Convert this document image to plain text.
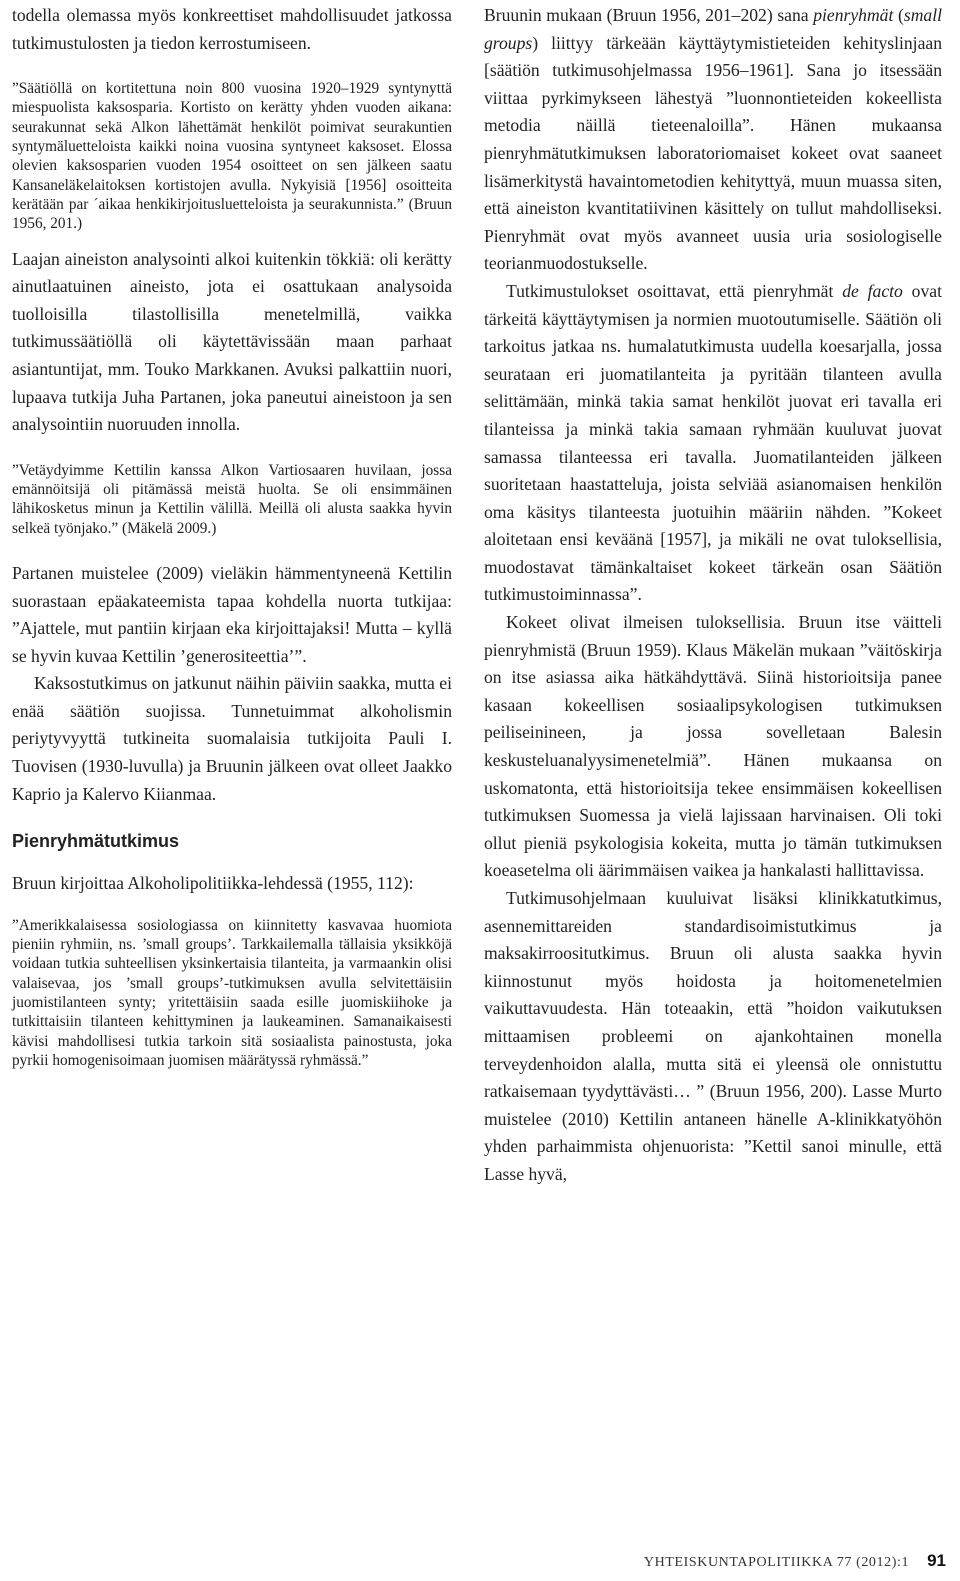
todella olemassa myös konkreettiset mahdollisuudet jatkossa tutkimustulosten ja tiedon kerrostumiseen.

”Säätiöllä on kortitettuna noin 800 vuosina 1920–1929 syntynyttä miespuolista kaksosparia. Kortisto on kerätty yhden vuoden aikana: seurakunnat sekä Alkon lähettämät henkilöt poimivat seurakuntien syntymäluetteloista kaikki noina vuosina syntyneet kaksoset. Elossa olevien kaksosparien vuoden 1954 osoitteet on sen jälkeen saatu Kansaneläkelaitoksen kortistojen avulla. Nykyisiä [1956] osoitteita kerätään par ´aikaa henkikirjoitusluetteloista ja seurakunnista.” (Bruun 1956, 201.)

Laajan aineiston analysointi alkoi kuitenkin tökkiä: oli kerätty ainutlaatuinen aineisto, jota ei osattukaan analysoida tuolloisilla tilastollisilla menetelmillä, vaikka tutkimussäätiöllä oli käytettävissään maan parhaat asiantuntijat, mm. Touko Markkanen. Avuksi palkattiin nuori, lupaava tutkija Juha Partanen, joka paneutui aineistoon ja sen analysointiin nuoruuden innolla.

”Vetäydyimme Kettilin kanssa Alkon Vartiosaaren huvilaan, jossa emännöitsijä oli pitämässä meistä huolta. Se oli ensimmäinen lähikosketus minun ja Kettilin välillä. Meillä oli alusta saakka hyvin selkeä työnjako.” (Mäkelä 2009.)

Partanen muistelee (2009) vieläkin hämmentyneenä Kettilin suorastaan epäakateemista tapaa kohdella nuorta tutkijaa: ”Ajattele, mut pantiin kirjaan eka kirjoittajaksi! Mutta – kyllä se hyvin kuvaa Kettilin ’generositeettia’”.

Kaksostutkimus on jatkunut näihin päiviin saakka, mutta ei enää säätiön suojissa. Tunnetuimmat alkoholismin periytyvyyttä tutkineita suomalaisia tutkijoita Pauli I. Tuovisen (1930-luvulla) ja Bruunin jälkeen ovat olleet Jaakko Kaprio ja Kalervo Kiianmaa.

Pienryhmätutkimus

Bruun kirjoittaa Alkoholipolitiikka-lehdessä (1955, 112):

”Amerikkalaisessa sosiologiassa on kiinnitetty kasvavaa huomiota pieniin ryhmiin, ns. ’small groups’. Tarkkailemalla tällaisia yksikköjä voidaan tutkia suhteellisen yksinkertaisia tilanteita, ja varmaankin olisi valaisevaa, jos ’small groups’-tutkimuksen avulla selvitettäisiin juomistilanteen synty; yritettäisiin saada esille juomiskiihoke ja tutkittaisiin tilanteen kehittyminen ja laukeaminen. Samanaikaisesti kävisi mahdollisesi tutkia tarkoin sitä sosiaalista painostusta, joka pyrkii homogenisoimaan juomisen määrätyssä ryhmässä.”

Bruunin mukaan (Bruun 1956, 201–202) sana pienryhmät (small groups) liittyy tärkeään käyttäytymistieteiden kehityslinjaan [säätiön tutkimusohjelmassa 1956–1961]. Sana jo itsessään viittaa pyrkimykseen lähestyä ”luonnontieteiden kokeellista metodia näillä tieteenaloilla”. Hänen mukaansa pienryhmätutkimuksen laboratoriomaiset kokeet ovat saaneet lisämerkitystä havaintometodien kehityttyä, muun muassa siten, että aineiston kvantitatiivinen käsittely on tullut mahdolliseksi. Pienryhmät ovat myös avanneet uusia uria sosiologiselle teorianmuodostukselle.

Tutkimustulokset osoittavat, että pienryhmät de facto ovat tärkeitä käyttäytymisen ja normien muotoutumiselle. Säätiön oli tarkoitus jatkaa ns. humalatutkimusta uudella koesarjalla, jossa seurataan eri juomatilanteita ja pyritään tilanteen avulla selittämään, minkä takia samat henkilöt juovat eri tavalla eri tilanteissa ja minkä takia samaan ryhmään kuuluvat juovat samassa tilanteessa eri tavalla. Juomatilanteiden jälkeen suoritetaan haastatteluja, joista selviää asianomaisen henkilön oma käsitys tilanteesta juotuihin määriin nähden. ”Kokeet aloitetaan ensi keväänä [1957], ja mikäli ne ovat tuloksellisia, muodostavat tämänkaltaiset kokeet tärkeän osan Säätiön tutkimustoiminnassa”.

Kokeet olivat ilmeisen tuloksellisia. Bruun itse väitteli pienryhmistä (Bruun 1959). Klaus Mäkelän mukaan ”väitöskirja on itse asiassa aika hätkähdyttävä. Siinä historioitsija panee kasaan kokeellisen sosiaalipsykologisen tutkimuksen peiliseinineen, ja jossa sovelletaan Balesin keskusteluanalyysimenetelmiä”. Hänen mukaansa on uskomatonta, että historioitsija tekee ensimmäisen kokeellisen tutkimuksen Suomessa ja vielä lajissaan harvinaisen. Oli toki ollut pieniä psykologisia kokeita, mutta jo tämän tutkimuksen koeasetelma oli äärimmäisen vaikea ja hankalasti hallittavissa.

Tutkimusohjelmaan kuuluivat lisäksi klinikkatutkimus, asennemittareiden standardisoimistutkimus ja maksakirroositutkimus. Bruun oli alusta saakka hyvin kiinnostunut myös hoidosta ja hoitomenetelmien vaikuttavuudesta. Hän toteaakin, että ”hoidon vaikutuksen mittaamisen probleemi on ajankohtainen monella terveydenhoidon alalla, mutta sitä ei yleensä ole onnistuttu ratkaisemaan tyydyttävästi… ” (Bruun 1956, 200). Lasse Murto muistelee (2010) Kettilin antaneen hänelle A-klinikkatyöhön yhden parhaimmista ohjenuorista: ”Kettil sanoi minulle, että Lasse hyvä,

YHTEISKUNTAPOLITIIKKA 77 (2012):1 91
